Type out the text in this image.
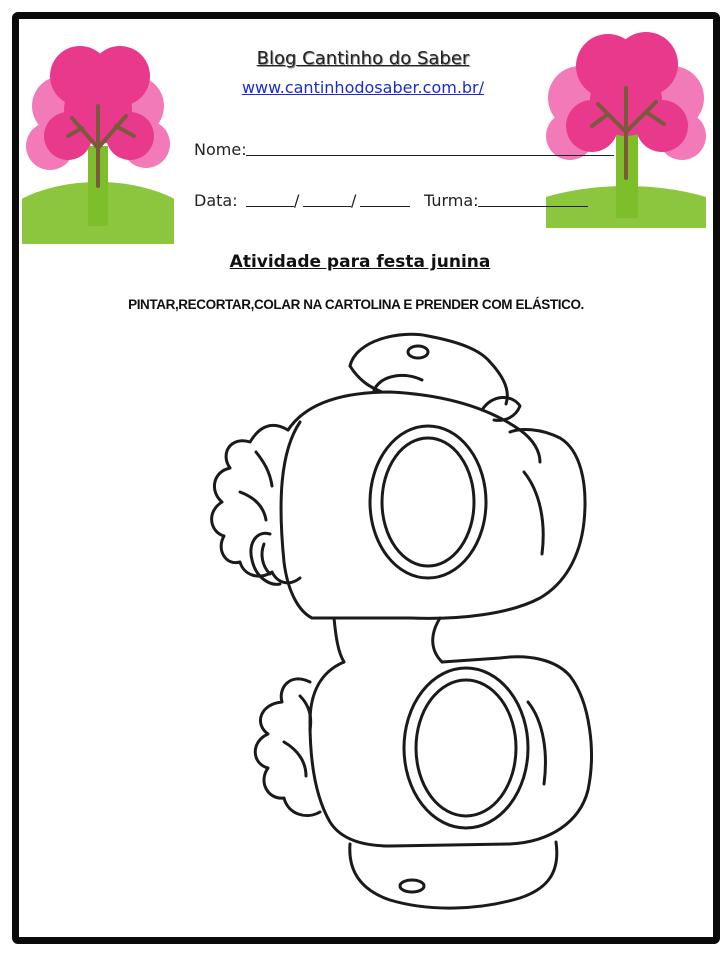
Blog Cantinho do Saber
www.cantinhodosaber.com.br/
Nome:
Data:	/	/	Turma:
Atividade para festa junina
PINTAR,RECORTAR,COLAR NA CARTOLINA E PRENDER COM ELÁSTICO.
